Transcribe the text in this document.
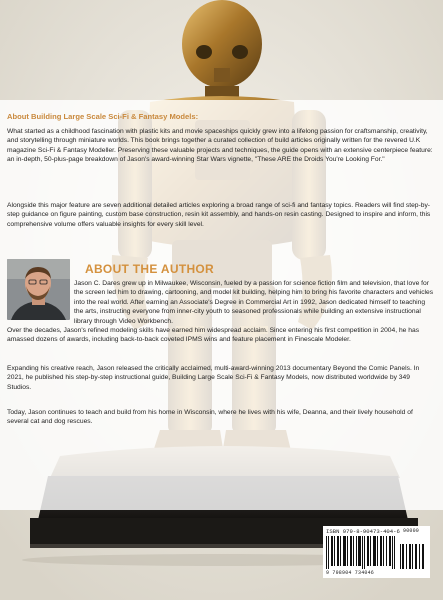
About Building Large Scale Sci-Fi & Fantasy Models:

What started as a childhood fascination with plastic kits and movie spaceships quickly grew into a lifelong passion for craftsmanship, creativity, and storytelling through miniature worlds. This book brings together a curated collection of build articles originally written for the revered U.K magazine Sci-Fi & Fantasy Modeller. Preserving these valuable projects and techniques, the guide opens with an extensive centerpiece feature: an in-depth, 50-plus-page breakdown of Jason's award-winning Star Wars vignette, "These ARE the Droids You're Looking For."

Alongside this major feature are seven additional detailed articles exploring a broad range of sci-fi and fantasy topics. Readers will find step-by-step guidance on figure painting, custom base construction, resin kit assembly, and hands-on resin casting. Designed to inspire and inform, this comprehensive volume offers valuable insights for every skill level.

ABOUT THE AUTHOR

Jason C. Dares grew up in Milwaukee, Wisconsin, fueled by a passion for science fiction film and television, that love for the screen led him to drawing, cartooning, and model kit building, helping him to bring his favorite characters and vehicles into the real world. After earning an Associate's Degree in Commercial Art in 1992, Jason dedicated himself to teaching the arts, instructing everyone from inner-city youth to seasoned professionals while building an extensive instructional library through Video Workbench.

Over the decades, Jason's refined modeling skills have earned him widespread acclaim. Since entering his first competition in 2004, he has amassed dozens of awards, including back-to-back coveted IPMS wins and feature placement in Finescale Modeler.

Expanding his creative reach, Jason released the critically acclaimed, multi-award-winning 2013 documentary Beyond the Comic Panels. In 2021, he published his step-by-step instructional guide, Building Large Scale Sci-Fi & Fantasy Models, now distributed worldwide by 349 Studios.

Today, Jason continues to teach and build from his home in Wisconsin, where he lives with his wife, Deanna, and their lively household of several cat and dog rescues.

ISBN 979-8-90473-404-6

9 798904 734046

90000
